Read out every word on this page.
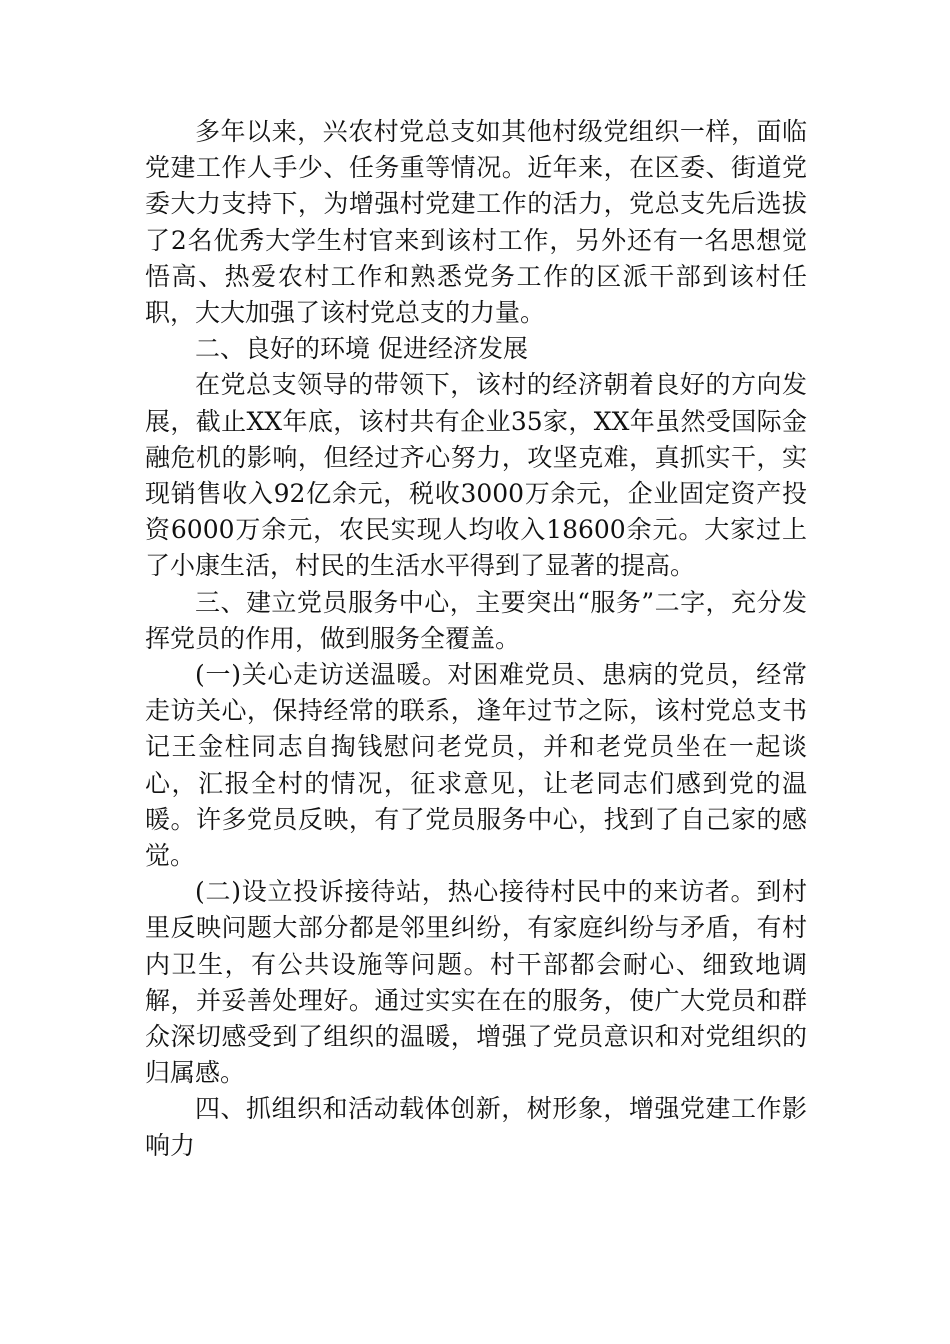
多年以来，兴农村党总支如其他村级党组织一样，面临党建工作人手少、任务重等情况。近年来，在区委、街道党委大力支持下，为增强村党建工作的活力，党总支先后选拔了2名优秀大学生村官来到该村工作，另外还有一名思想觉悟高、热爱农村工作和熟悉党务工作的区派干部到该村任职，大大加强了该村党总支的力量。

二、良好的环境 促进经济发展

在党总支领导的带领下，该村的经济朝着良好的方向发展，截止XX年底，该村共有企业35家，XX年虽然受国际金融危机的影响，但经过齐心努力，攻坚克难，真抓实干，实现销售收入92亿余元，税收3000万余元，企业固定资产投资6000万余元，农民实现人均收入18600余元。大家过上了小康生活，村民的生活水平得到了显著的提高。

三、建立党员服务中心，主要突出“服务”二字，充分发挥党员的作用，做到服务全覆盖。

(一)关心走访送温暖。对困难党员、患病的党员，经常走访关心，保持经常的联系，逢年过节之际，该村党总支书记王金柱同志自掏钱慰问老党员，并和老党员坐在一起谈心，汇报全村的情况，征求意见，让老同志们感到党的温暖。许多党员反映，有了党员服务中心，找到了自己家的感觉。

(二)设立投诉接待站，热心接待村民中的来访者。到村里反映问题大部分都是邻里纠纷，有家庭纠纷与矛盾，有村内卫生，有公共设施等问题。村干部都会耐心、细致地调解，并妥善处理好。通过实实在在的服务，使广大党员和群众深切感受到了组织的温暖，增强了党员意识和对党组织的归属感。

四、抓组织和活动载体创新，树形象，增强党建工作影响力
